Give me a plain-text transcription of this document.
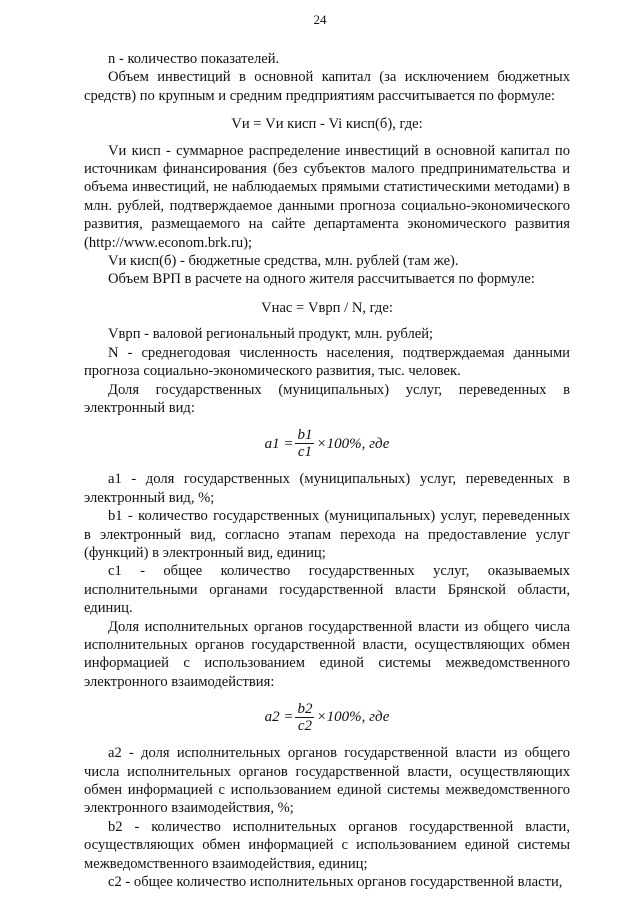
24

n - количество показателей.

Объем инвестиций в основной капитал (за исключением бюджетных средств) по крупным и средним предприятиям рассчитывается по формуле:

Vи = Vи кисп - Vi кисп(б), где:

Vи кисп - суммарное распределение инвестиций в основной капитал по источникам финансирования (без субъектов малого предпринимательства и объема инвестиций, не наблюдаемых прямыми статистическими методами) в млн. рублей, подтверждаемое данными прогноза социально-экономического развития, размещаемого на сайте департамента экономического развития (http://www.econom.brk.ru);

Vи кисп(б) - бюджетные средства, млн. рублей (там же).

Объем ВРП в расчете на одного жителя рассчитывается по формуле:

Vнас = Vврп / N, где:

Vврп - валовой региональный продукт, млн. рублей;

N - среднегодовая численность населения, подтверждаемая данными прогноза социально-экономического развития, тыс. человек.

Доля государственных (муниципальных) услуг, переведенных в электронный вид:

$a1 = \frac{b1}{c1} \times 100\%$, где

a1 - доля государственных (муниципальных) услуг, переведенных в электронный вид, %;

b1 - количество государственных (муниципальных) услуг, переведенных в электронный вид, согласно этапам перехода на предоставление услуг (функций) в электронный вид, единиц;

c1 - общее количество государственных услуг, оказываемых исполнительными органами государственной власти Брянской области, единиц.

Доля исполнительных органов государственной власти из общего числа исполнительных органов государственной власти, осуществляющих обмен информацией с использованием единой системы межведомственного электронного взаимодействия:

$a2 = \frac{b2}{c2} \times 100\%$, где

a2 - доля исполнительных органов государственной власти из общего числа исполнительных органов государственной власти, осуществляющих обмен информацией с использованием единой системы межведомственного электронного взаимодействия, %;

b2 - количество исполнительных органов государственной власти, осуществляющих обмен информацией с использованием единой системы межведомственного взаимодействия, единиц;

c2 - общее количество исполнительных органов государственной власти,
